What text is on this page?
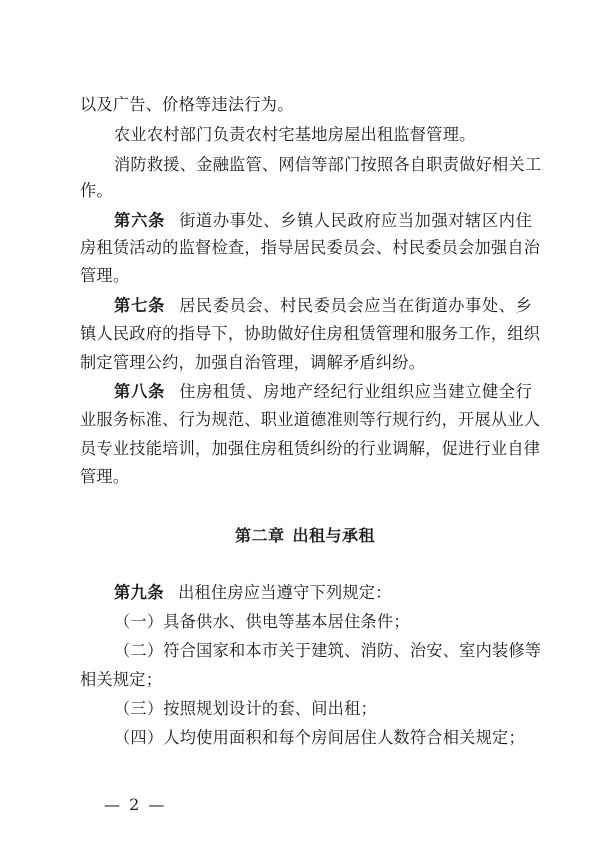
以及广告、价格等违法行为。
农业农村部门负责农村宅基地房屋出租监督管理。
消防救援、金融监管、网信等部门按照各自职责做好相关工
作。
第六条 街道办事处、乡镇人民政府应当加强对辖区内住
房租赁活动的监督检查，指导居民委员会、村民委员会加强自治
管理。
第七条 居民委员会、村民委员会应当在街道办事处、乡
镇人民政府的指导下，协助做好住房租赁管理和服务工作，组织
制定管理公约，加强自治管理，调解矛盾纠纷。
第八条 住房租赁、房地产经纪行业组织应当建立健全行
业服务标准、行为规范、职业道德准则等行规行约，开展从业人
员专业技能培训，加强住房租赁纠纷的行业调解，促进行业自律
管理。
第二章 出租与承租
第九条 出租住房应当遵守下列规定：
（一）具备供水、供电等基本居住条件；
（二）符合国家和本市关于建筑、消防、治安、室内装修等
相关规定；
（三）按照规划设计的套、间出租；
（四）人均使用面积和每个房间居住人数符合相关规定；
— 2 —
